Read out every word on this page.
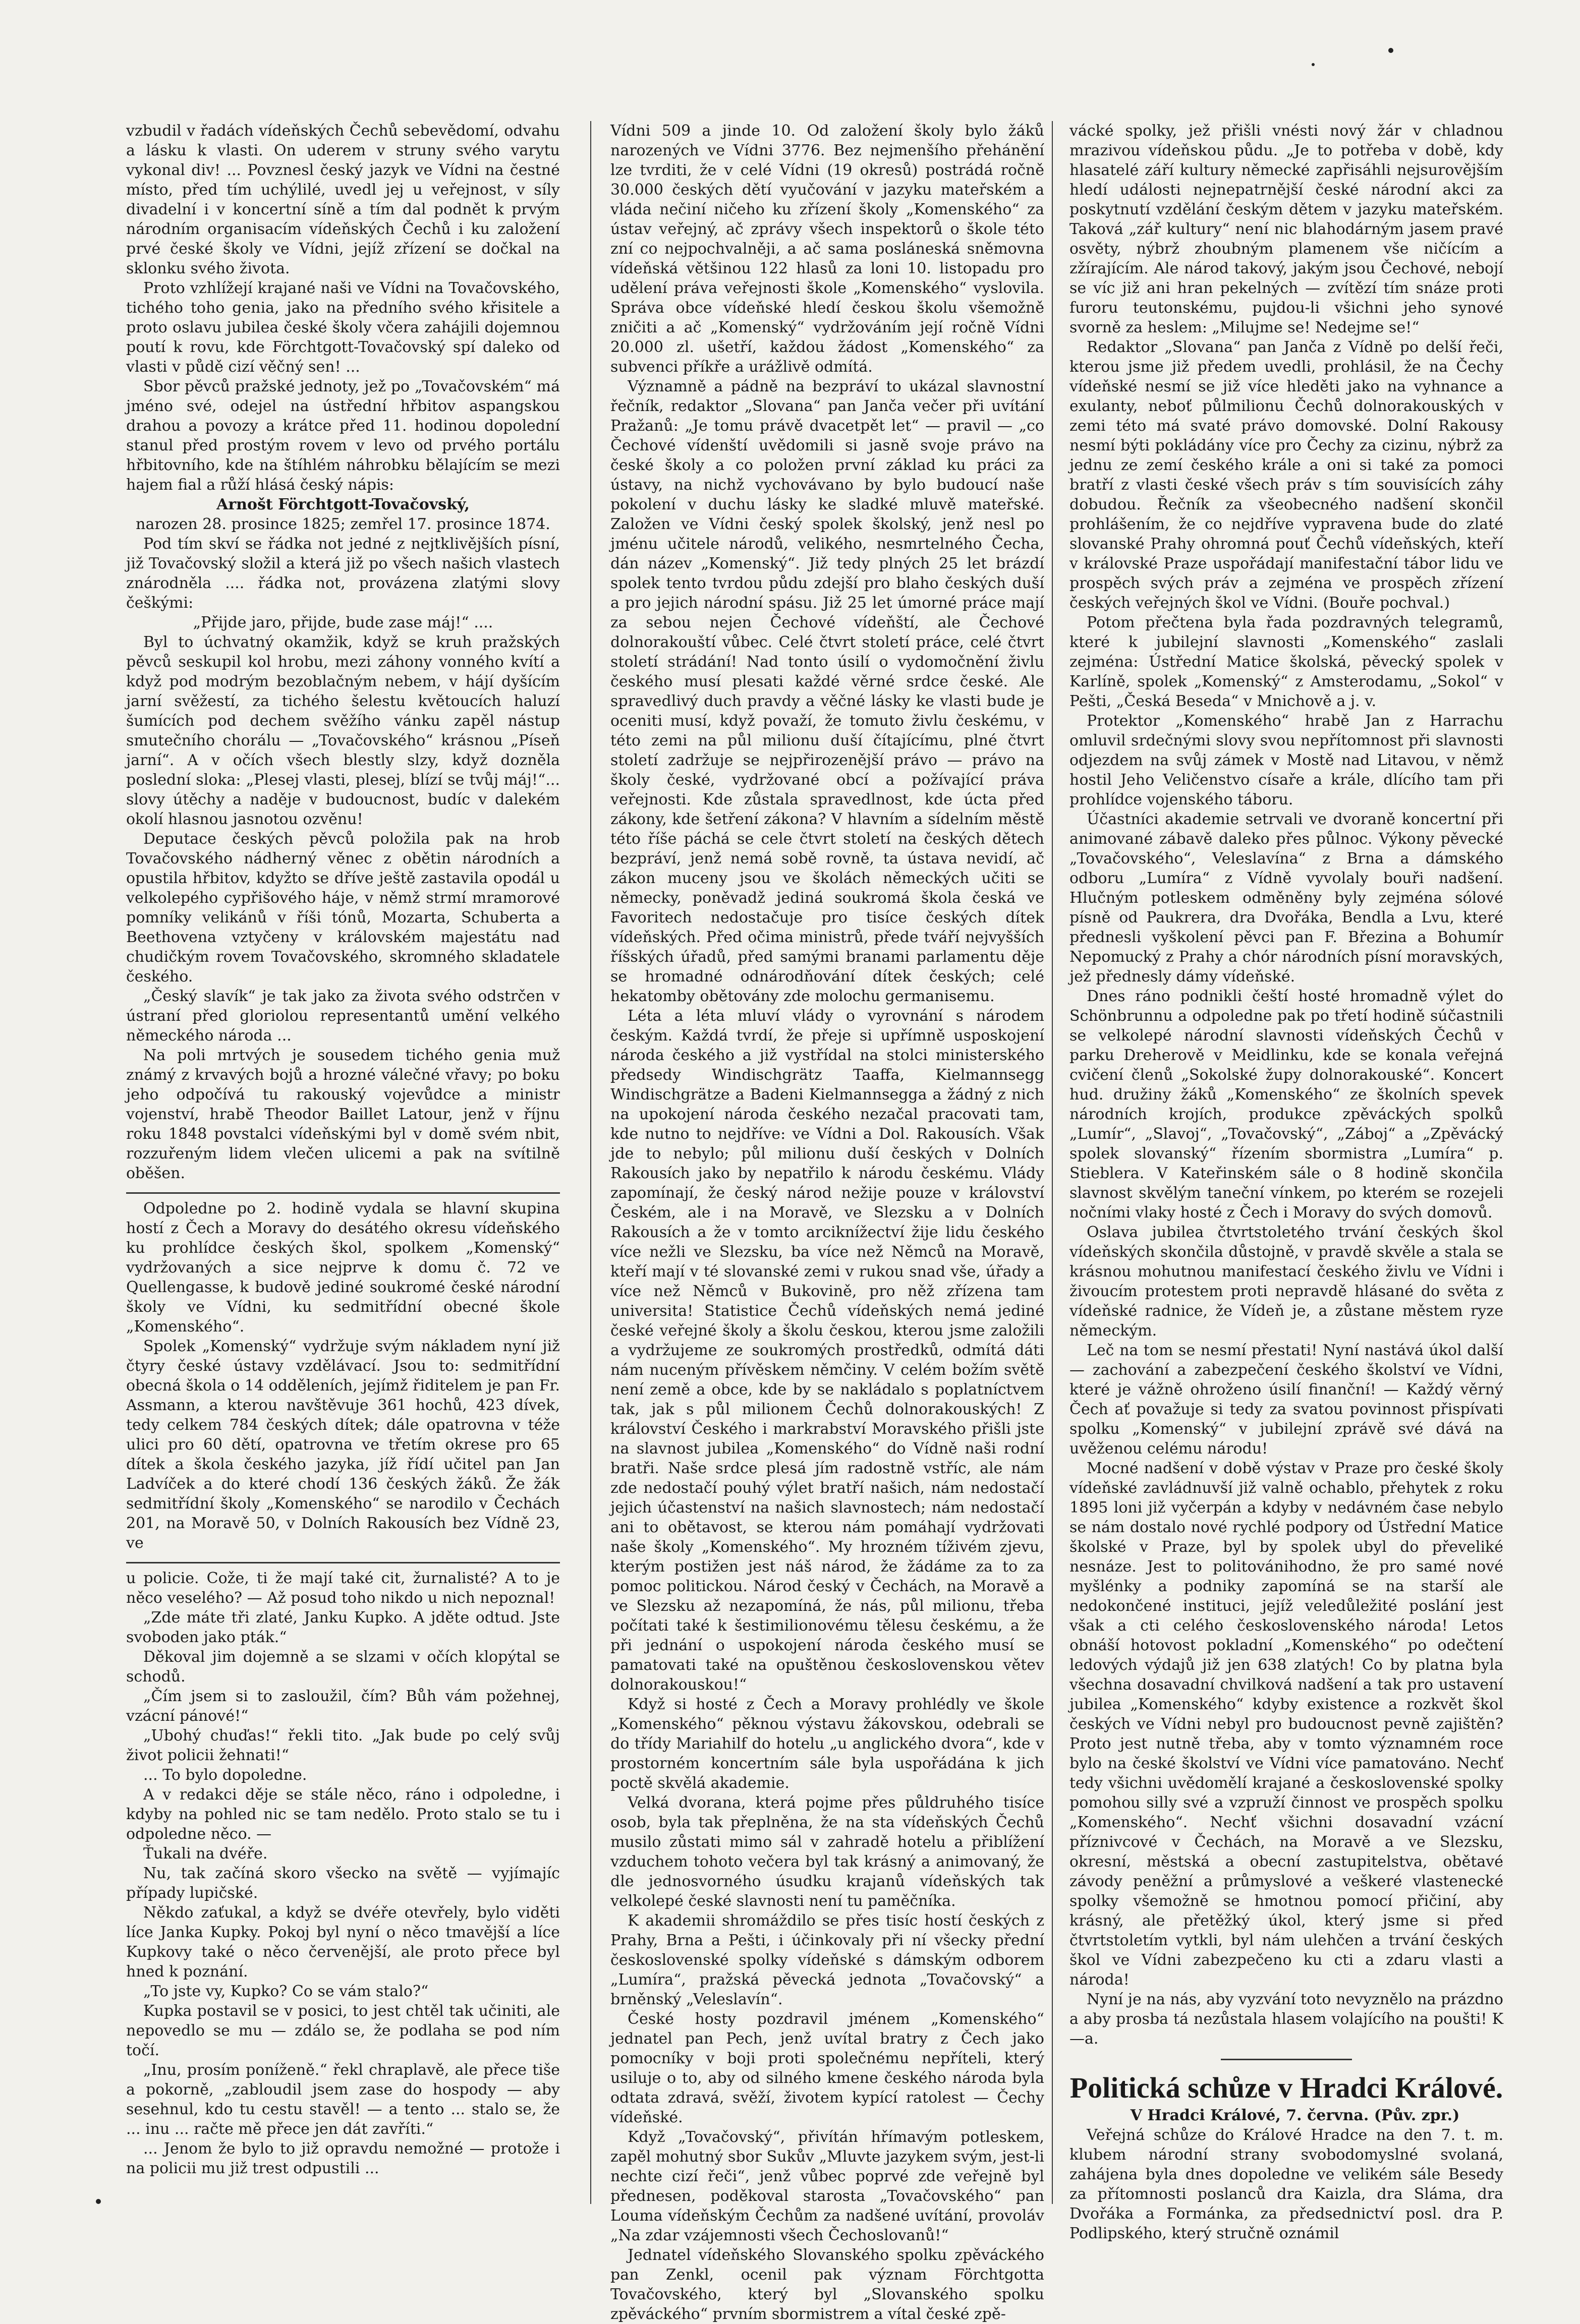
vzbudil v řadách vídeňských Čechů sebevědomí, odvahu a lásku k vlasti. On uderem v struny svého varytu vykonal div! ... Povznesl český jazyk ve Vídni na čestné místo, před tím uchýlilé, uvedl jej u veřejnost, v síly divadelní i v koncertní síně a tím dal podnět k prvým národním organisacím vídeňských Čechů i ku založení prvé české školy ve Vídni, jejíž zřízení se dočkal na sklonku svého života.

Proto vzhlížejí krajané naši ve Vídni na Tovačovského, tichého toho genia, jako na předního svého křisitele a proto oslavu jubilea české školy včera zahájili dojemnou poutí k rovu, kde Förchtgott-Tovačovský spí daleko od vlasti v půdě cizí věčný sen! ...

Sbor pěvců pražské jednoty, jež po „Tovačovském“ má jméno své, odejel na ústřední hřbitov aspangskou drahou a povozy a krátce před 11. hodinou dopolední stanul před prostým rovem v levo od prvého portálu hřbitovního, kde na štíhlém náhrobku bělajícím se mezi hajem fial a růží hlásá český nápis:

Arnošt Förchtgott-Tovačovský,

narozen 28. prosince 1825; zemřel 17. prosince 1874.

Pod tím skví se řádka not jedné z nejtklivějších písní, již Tovačovský složil a která již po všech našich vlastech znárodněla .... řádka not, provázena zlatými slovy češkými:

„Přijde jaro, přijde, bude zase máj!“ ....

Byl to úchvatný okamžik, když se kruh pražských pěvců seskupil kol hrobu, mezi záhony vonného kvítí a když pod modrým bezoblačným nebem, v hájí dyšícím jarní svěžestí, za tichého šelestu květoucích haluzí šumících pod dechem svěžího vánku zapěl nástup smutečního chorálu — „Tovačovského“ krásnou „Píseň jarní“. A v očích všech blestly slzy, když dozněla poslední sloka: „Plesej vlasti, plesej, blízí se tvůj máj!“... slovy útěchy a naděje v budoucnost, budíc v dalekém okolí hlasnou jasnotou ozvěnu!

Deputace českých pěvců položila pak na hrob Tovačovského nádherný věnec z obětin národních a opustila hřbitov, kdyžto se dříve ještě zastavila opodál u velkolepého cypřišového háje, v němž strmí mramorové pomníky velikánů v říši tónů, Mozarta, Schuberta a Beethovena vztyčeny v královském majestátu nad chudičkým rovem Tovačovského, skromného skladatele českého.

„Český slavík“ je tak jako za života svého odstrčen v ústraní před gloriolou representantů umění velkého německého národa ...

Na poli mrtvých je sousedem tichého genia muž známý z krvavých bojů a hrozné válečné vřavy; po boku jeho odpočívá tu rakouský vojevůdce a ministr vojenství, hrabě Theodor Baillet Latour, jenž v říjnu roku 1848 povstalci vídeňskými byl v domě svém nbit, rozzuřeným lidem vlečen ulicemi a pak na svítilně oběšen.

Odpoledne po 2. hodině vydala se hlavní skupina hostí z Čech a Moravy do desátého okresu vídeňského ku prohlídce českých škol, spolkem „Komenský“ vydržovaných a sice nejprve k domu č. 72 ve Quellengasse, k budově jediné soukromé české národní školy ve Vídni, ku sedmitřídní obecné škole „Komenského“.

Spolek „Komenský“ vydržuje svým nákladem nyní již čtyry české ústavy vzdělávací. Jsou to: sedmitřídní obecná škola o 14 odděleních, jejímž řiditelem je pan Fr. Assmann, a kterou navštěvuje 361 hochů, 423 dívek, tedy celkem 784 českých dítek; dále opatrovna v téže ulici pro 60 dětí, opatrovna ve třetím okrese pro 65 dítek a škola českého jazyka, jíž řídí učitel pan Jan Ladvíček a do které chodí 136 českých žáků. Že žák sedmitřídní školy „Komenského“ se narodilo v Čechách 201, na Moravě 50, v Dolních Rakousích bez Vídně 23, ve

u policie. Cože, ti že mají také cit, žurnalisté? A to je něco veselého? — Až posud toho nikdo u nich nepoznal!

„Zde máte tři zlaté, Janku Kupko. A jděte odtud. Jste svoboden jako pták.“

Děkoval jim dojemně a se slzami v očích klopýtal se schodů.

„Čím jsem si to zasloužil, čím? Bůh vám požehnej, vzácní pánové!“

„Ubohý chuďas!“ řekli tito. „Jak bude po celý svůj život policii žehnati!“

... To bylo dopoledne.

A v redakci děje se stále něco, ráno i odpoledne, i kdyby na pohled nic se tam nedělo. Proto stalo se tu i odpoledne něco. —

Ťukali na dvéře.

Nu, tak začíná skoro všecko na světě — vyjímajíc případy lupičské.

Někdo zaťukal, a když se dvéře otevřely, bylo viděti líce Janka Kupky. Pokoj byl nyní o něco tmavější a líce Kupkovy také o něco červenější, ale proto přece byl hned k poznání.

„To jste vy, Kupko? Co se vám stalo?“

Kupka postavil se v posici, to jest chtěl tak učiniti, ale nepovedlo se mu — zdálo se, že podlaha se pod ním točí.

„Inu, prosím poníženě.“ řekl chraplavě, ale přece tiše a pokorně, „zabloudil jsem zase do hospody — aby sesehnul, kdo tu cestu stavěl! — a tento ... stalo se, že ... inu ... račte mě přece jen dát zavříti.“

... Jenom že bylo to již opravdu nemožné — protože i na policii mu již trest odpustili ...

Vídni 509 a jinde 10. Od založení školy bylo žáků narozených ve Vídni 3776. Bez nejmenšího přehánění lze tvrditi, že v celé Vídni (19 okresů) postrádá ročně 30.000 českých dětí vyučování v jazyku mateřském a vláda nečiní ničeho ku zřízení školy „Komenského“ za ústav veřejný, ač zprávy všech inspektorů o škole této zní co nejpochvalněji, a ač sama posláneská sněmovna vídeňská většinou 122 hlasů za loni 10. listopadu pro udělení práva veřejnosti škole „Komenského“ vyslovila. Správa obce vídeňské hledí českou školu všemožně zničiti a ač „Komenský“ vydržováním její ročně Vídni 20.000 zl. ušetří, každou žádost „Komenského“ za subvenci příkře a urážlivě odmítá.

Významně a pádně na bezpráví to ukázal slavnostní řečník, redaktor „Slovana“ pan Janča večer při uvítání Pražanů: „Je tomu právě dvacetpět let“ — pravil — „co Čechové vídenští uvědomili si jasně svoje právo na české školy a co položen první základ ku práci za ústavy, na nichž vychovávano by bylo budoucí naše pokolení v duchu lásky ke sladké mluvě mateřské. Založen ve Vídni český spolek školský, jenž nesl po jménu učitele národů, velikého, nesmrtelného Čecha, dán název „Komenský“. Již tedy plných 25 let brázdí spolek tento tvrdou půdu zdejší pro blaho českých duší a pro jejich národní spásu. Již 25 let úmorné práce mají za sebou nejen Čechové vídeňští, ale Čechové dolnorakouští vůbec. Celé čtvrt století práce, celé čtvrt století strádání! Nad tonto úsilí o vydomočnění živlu českého musí plesati každé věrné srdce české. Ale spravedlivý duch pravdy a věčné lásky ke vlasti bude je oceniti musí, když považí, že tomuto živlu českému, v této zemi na půl milionu duší čítajícímu, plné čtvrt století zadržuje se nejpřirozenější právo — právo na školy české, vydržované obcí a požívající práva veřejnosti. Kde zůstala spravedlnost, kde úcta před zákony, kde šetření zákona? V hlavním a sídelním městě této říše páchá se cele čtvrt století na českých dětech bezpráví, jenž nemá sobě rovně, ta ústava nevidí, ač zákon muceny jsou ve školách německých učiti se německy, poněvadž jediná soukromá škola česká ve Favoritech nedostačuje pro tisíce českých dítek vídeňských. Před očima ministrů, přede tváří nejvyšších říšských úřadů, před samými branami parlamentu děje se hromadné odnárodňování dítek českých; celé hekatomby obětovány zde molochu germanisemu.

Léta a léta mluví vlády o vyrovnání s národem českým. Každá tvrdí, že přeje si upřímně usposkojení národa českého a již vystřídal na stolci ministerského předsedy Windischgrätz Taaffa, Kielmannsegg Windischgrätze a Badeni Kielmannsegga a žádný z nich na upokojení národa českého nezačal pracovati tam, kde nutno to nejdříve: ve Vídni a Dol. Rakousích. Však jde to nebylo; půl milionu duší českých v Dolních Rakousích jako by nepatřilo k národu českému. Vlády zapomínají, že český národ nežije pouze v království Českém, ale i na Moravě, ve Slezsku a v Dolních Rakousích a že v tomto arciknížectví žije lidu českého více nežli ve Slezsku, ba více než Němců na Moravě, kteří mají v té slovanské zemi v rukou snad vše, úřady a více než Němců v Bukovině, pro něž zřízena tam universita! Statistice Čechů vídeňských nemá jediné české veřejné školy a školu českou, kterou jsme založili a vydržujeme ze soukromých prostředků, odmítá dáti nám nuceným přívěskem němčiny. V celém božím světě není země a obce, kde by se nakládalo s poplatníctvem tak, jak s půl milionem Čechů dolnorakouských! Z království Českého i markrabství Moravského přišli jste na slavnost jubilea „Komenského“ do Vídně naši rodní bratři. Naše srdce plesá jím radostně vstříc, ale nám zde nedostačí pouhý výlet bratří našich, nám nedostačí jejich účastenství na našich slavnostech; nám nedostačí ani to obětavost, se kterou nám pomáhají vydržovati naše školy „Komenského“. My hrozném tíživém zjevu, kterým postižen jest náš národ, že žádáme za to za pomoc politickou. Národ český v Čechách, na Moravě a ve Slezsku až nezapomíná, že nás, půl milionu, třeba počítati také k šestimilionovému tělesu českému, a že při jednání o uspokojení národa českého musí se pamatovati také na opuštěnou československou větev dolnorakouskou!“

Když si hosté z Čech a Moravy prohlédly ve škole „Komenského“ pěknou výstavu žákovskou, odebrali se do třídy Mariahilf do hotelu „u anglického dvora“, kde v prostorném koncertním sále byla uspořádána k jich poctě skvělá akademie.

Velká dvorana, která pojme přes půldruhého tisíce osob, byla tak přeplněna, že na sta vídeňských Čechů musilo zůstati mimo sál v zahradě hotelu a přiblížení vzduchem tohoto večera byl tak krásný a animovaný, že dle jednosvorného úsudku krajanů vídeňských tak velkolepé české slavnosti není tu paměčníka.

K akademii shromáždilo se přes tisíc hostí českých z Prahy, Brna a Pešti, i účinkovaly při ní všecky přední československé spolky vídeňské s dámským odborem „Lumíra“, pražská pěvecká jednota „Tovačovský“ a brněnský „Veleslavín“.

České hosty pozdravil jménem „Komenského“ jednatel pan Pech, jenž uvítal bratry z Čech jako pomocníky v boji proti společnému nepříteli, který usiluje o to, aby od silného kmene českého národa byla odtata zdravá, svěží, životem kypící ratolest — Čechy vídeňské.

Když „Tovačovský“, přivítán hřímavým potleskem, zapěl mohutný sbor Sukův „Mluvte jazykem svým, jest-li nechte cizí řeči“, jenž vůbec poprvé zde veřejně byl přednesen, poděkoval starosta „Tovačovského“ pan Louma vídeňským Čechům za nadšené uvítání, provoláv „Na zdar vzájemnosti všech Čechoslovanů!“

Jednatel vídeňského Slovanského spolku zpěváckého pan Zenkl, ocenil pak význam Förchtgotta Tovačovského, který byl „Slovanského spolku zpěváckého“ prvním sbormistrem a vítal české zpě-

vácké spolky, jež přišli vnésti nový žár v chladnou mrazivou vídeňskou půdu. „Je to potřeba v době, kdy hlasatelé září kultury německé zapřisáhli nejsurovějším hledí události nejnepatrnější české národní akci za poskytnutí vzdělání českým dětem v jazyku mateřském. Taková „zář kultury“ není nic blahodárným jasem pravé osvěty, nýbrž zhoubným plamenem vše ničícím a zžírajícím. Ale národ takový, jakým jsou Čechové, nebojí se víc již ani hran pekelných — zvítězí tím snáze proti furoru teutonskému, pujdou-li všichni jeho synové svorně za heslem: „Milujme se! Nedejme se!“

Redaktor „Slovana“ pan Janča z Vídně po delší řeči, kterou jsme již předem uvedli, prohlásil, že na Čechy vídeňské nesmí se již více hleděti jako na vyhnance a exulanty, neboť půlmilionu Čechů dolnorakouských v zemi této má svaté právo domovské. Dolní Rakousy nesmí býti pokládány více pro Čechy za cizinu, nýbrž za jednu ze zemí českého krále a oni si také za pomoci bratří z vlasti české všech práv s tím souvisících záhy dobudou. Řečník za všeobecného nadšení skončil prohlášením, že co nejdříve vypravena bude do zlaté slovanské Prahy ohromná pouť Čechů vídeňských, kteří v královské Praze uspořádají manifestační tábor lidu ve prospěch svých práv a zejména ve prospěch zřízení českých veřejných škol ve Vídni. (Bouře pochval.)

Potom přečtena byla řada pozdravných telegramů, které k jubilejní slavnosti „Komenského“ zaslali zejména: Ústřední Matice školská, pěvecký spolek v Karlíně, spolek „Komenský“ z Amsterodamu, „Sokol“ v Pešti, „Česká Beseda“ v Mnichově a j. v.

Protektor „Komenského“ hrabě Jan z Harrachu omluvil srdečnými slovy svou nepřítomnost při slavnosti odjezdem na svůj zámek v Mostě nad Litavou, v němž hostil Jeho Veličenstvo císaře a krále, dlícího tam při prohlídce vojenského táboru.

Účastníci akademie setrvali ve dvoraně koncertní při animované zábavě daleko přes půlnoc. Výkony pěvecké „Tovačovského“, Veleslavína“ z Brna a dámského odboru „Lumíra“ z Vídně vyvolaly bouři nadšení. Hlučným potleskem odměněny byly zejména sólové písně od Paukrera, dra Dvořáka, Bendla a Lvu, které přednesli vyškolení pěvci pan F. Březina a Bohumír Nepomucký z Prahy a chór národních písní moravských, jež přednesly dámy vídeňské.

Dnes ráno podnikli čeští hosté hromadně výlet do Schönbrunnu a odpoledne pak po třetí hodině súčastnili se velkolepé národní slavnosti vídeňských Čechů v parku Dreherově v Meidlinku, kde se konala veřejná cvičení členů „Sokolské župy dolnorakouské“. Koncert hud. družiny žáků „Komenského“ ze školních spevek národních krojích, produkce zpěváckých spolků „Lumír“, „Slavoj“, „Tovačovský“, „Záboj“ a „Zpěvácký spolek slovanský“ řízením sbormistra „Lumíra“ p. Stieblera. V Kateřinském sále o 8 hodině skončila slavnost skvělým taneční vínkem, po kterém se rozejeli nočními vlaky hosté z Čech i Moravy do svých domovů.

Oslava jubilea čtvrtstoletého trvání českých škol vídeňských skončila důstojně, v pravdě skvěle a stala se krásnou mohutnou manifestací českého živlu ve Vídni i živoucím protestem proti nepravdě hlásané do světa z vídeňské radnice, že Vídeň je, a zůstane městem ryze německým.

Leč na tom se nesmí přestati! Nyní nastává úkol další — zachování a zabezpečení českého školství ve Vídni, které je vážně ohroženo úsilí finanční! — Každý věrný Čech ať považuje si tedy za svatou povinnost přispívati spolku „Komenský“ v jubilejní zprávě své dává na uvěženou celému národu!

Mocné nadšení v době výstav v Praze pro české školy vídeňské zavládnuvší již valně ochablo, přehytek z roku 1895 loni již vyčerpán a kdyby v nedávném čase nebylo se nám dostalo nové rychlé podpory od Ústřední Matice školské v Praze, byl by spolek ubyl do převeliké nesnáze. Jest to politovánihodno, že pro samé nové myšlénky a podniky zapomíná se na starší ale nedokončené instituci, jejíž veledůležité poslání jest však a cti celého československého národa! Letos obnáší hotovost pokladní „Komenského“ po odečtení ledových výdajů již jen 638 zlatých! Co by platna byla všechna dosavadní chvilková nadšení a tak pro ustavení jubilea „Komenského“ kdyby existence a rozkvět škol českých ve Vídni nebyl pro budoucnost pevně zajištěn? Proto jest nutně třeba, aby v tomto významném roce bylo na české školství ve Vídni více pamatováno. Nechť tedy všichni uvědomělí krajané a československé spolky pomohou silly své a vzpruží činnost ve prospěch spolku „Komenského“. Nechť všichni dosavadní vzácní příznivcové v Čechách, na Moravě a ve Slezsku, okresní, městská a obecní zastupitelstva, obětavé závody peněžní a průmyslové a veškeré vlastenecké spolky všemožně se hmotnou pomocí přičiní, aby krásný, ale přetěžký úkol, který jsme si před čtvrtstoletím vytkli, byl nám ulehčen a trvání českých škol ve Vídni zabezpečeno ku cti a zdaru vlasti a národa!

Nyní je na nás, aby vyzvání toto nevyznělo na prázdno a aby prosba tá nezůstala hlasem volajícího na poušti! K—a.

Politická schůze v Hradci Králové.

V Hradci Králové, 7. června. (Pův. zpr.)

Veřejná schůze do Králové Hradce na den 7. t. m. klubem národní strany svobodomyslné svolaná, zahájena byla dnes dopoledne ve velikém sále Besedy za přítomnosti poslanců dra Kaizla, dra Sláma, dra Dvořáka a Formánka, za předsednictví posl. dra P. Podlipského, který stručně oznámil
